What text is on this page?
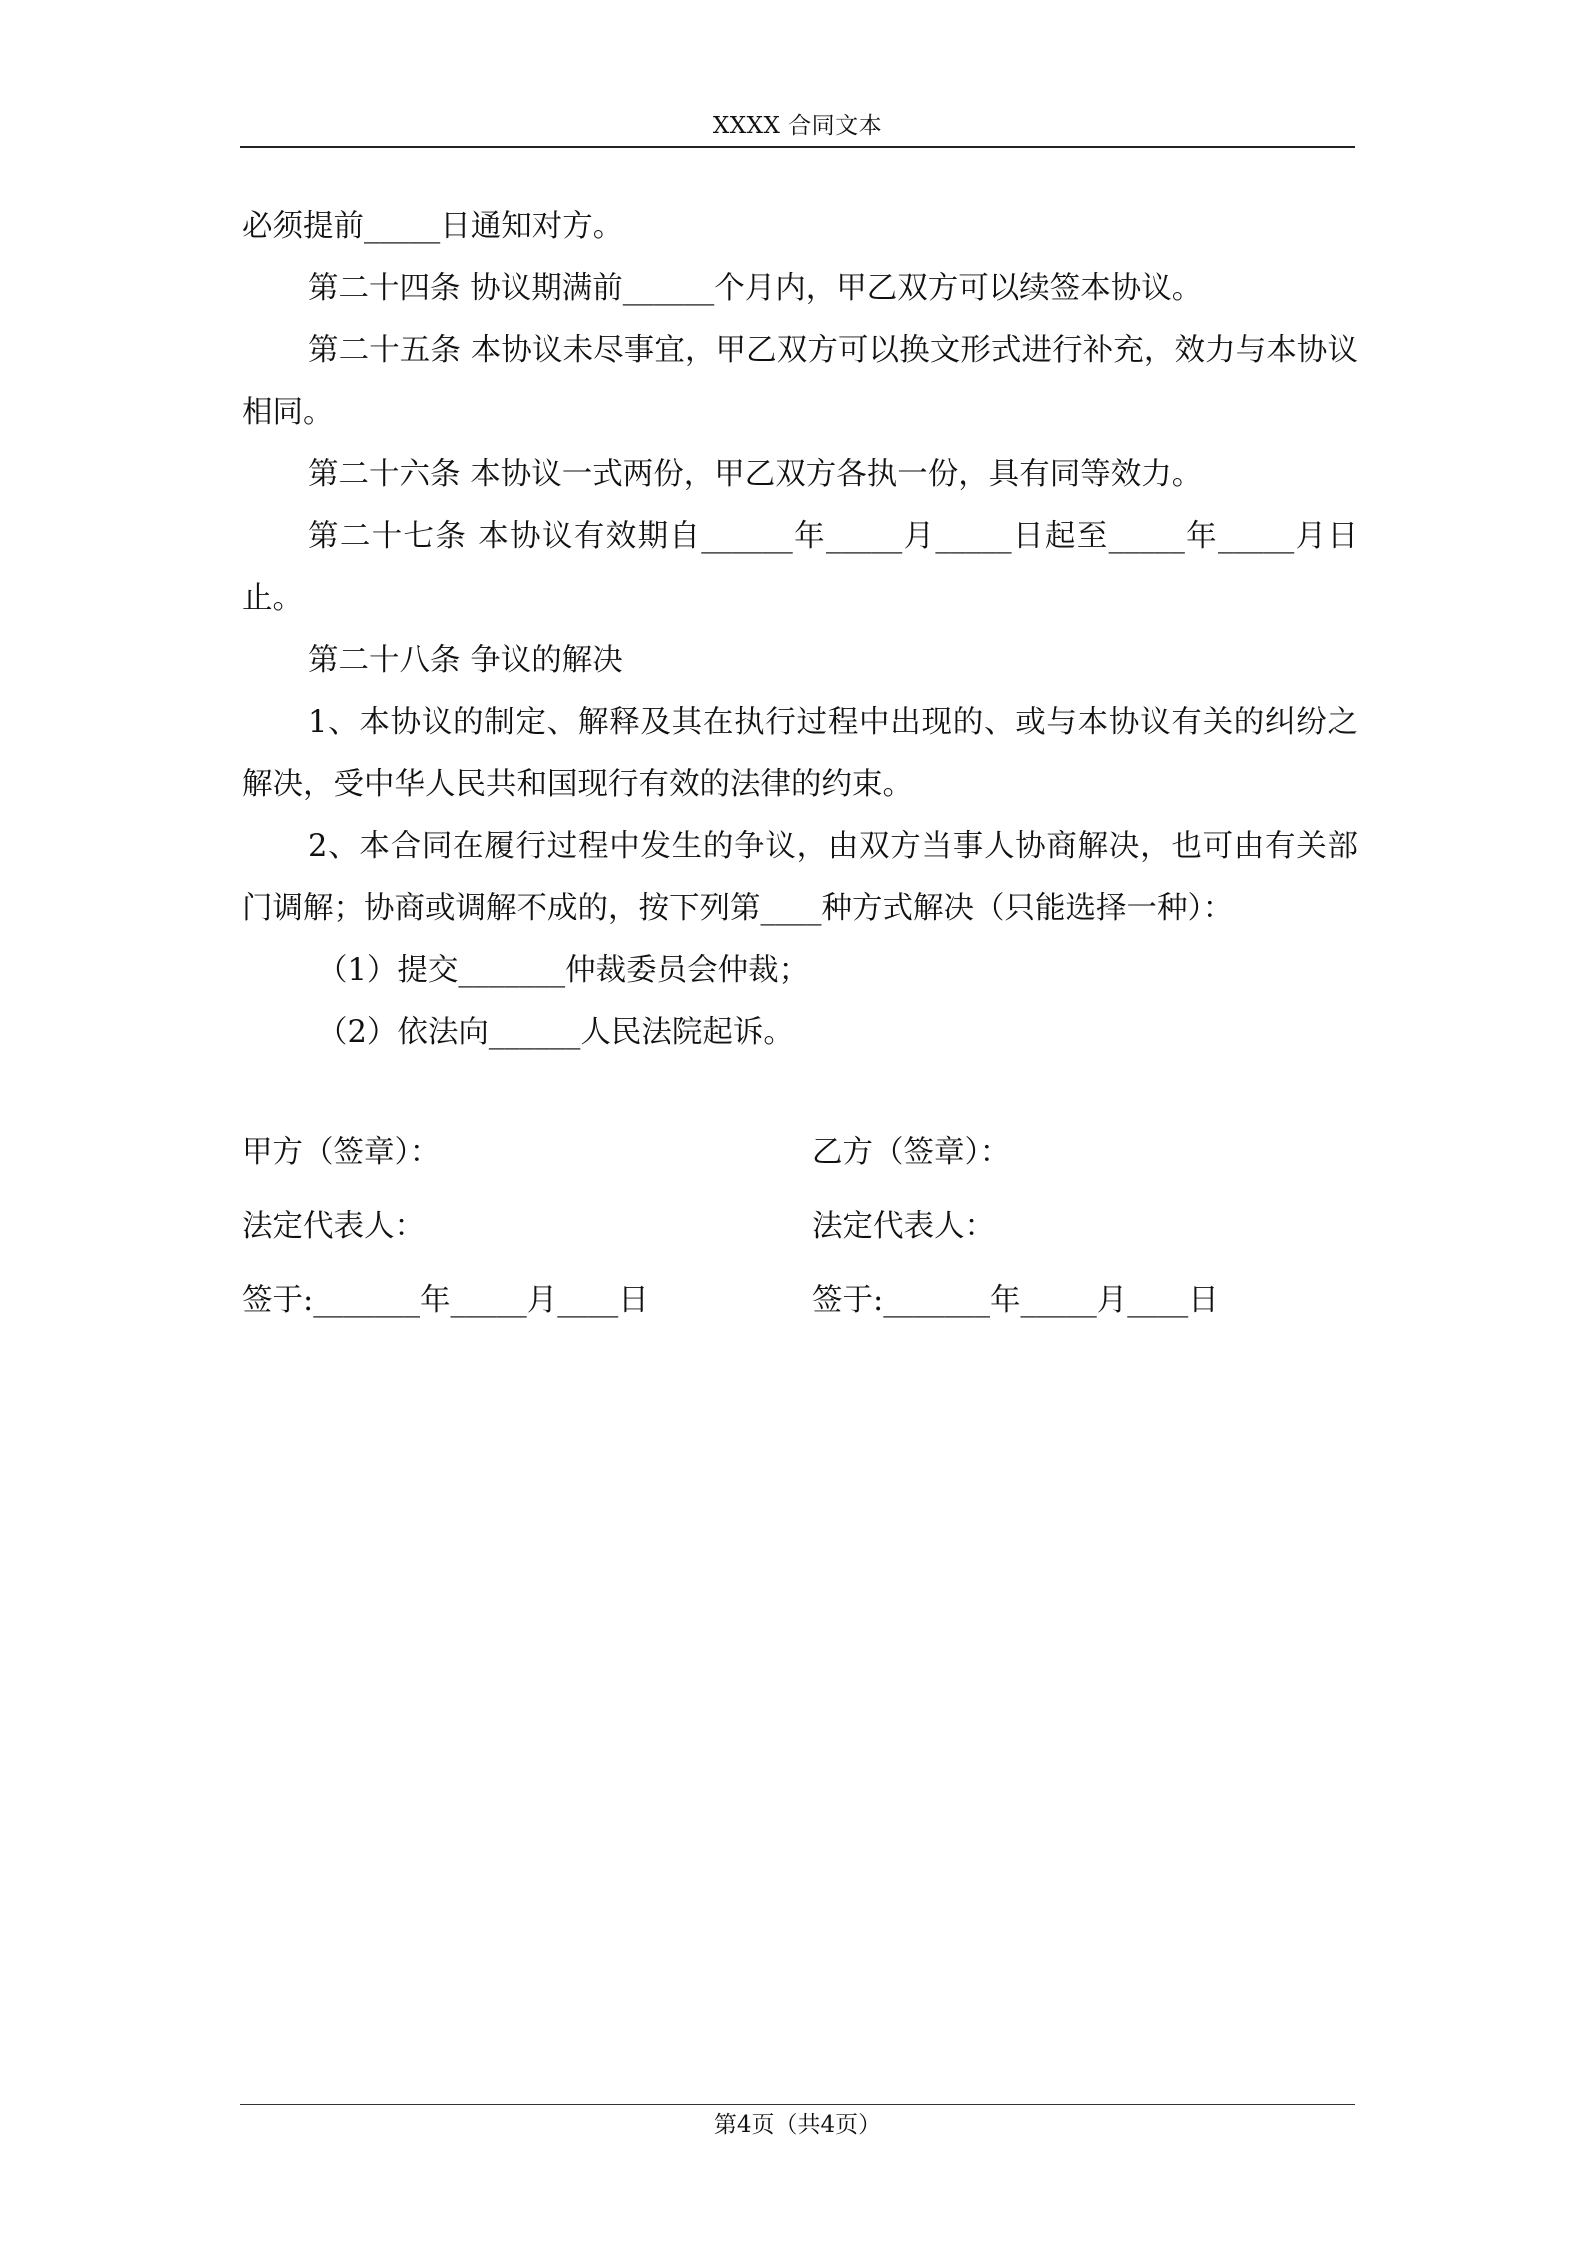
XXXX 合同文本

必须提前_____日通知对方。

第二十四条 协议期满前______个月内，甲乙双方可以续签本协议。

第二十五条 本协议未尽事宜，甲乙双方可以换文形式进行补充，效力与本协议相同。

第二十六条 本协议一式两份，甲乙双方各执一份，具有同等效力。

第二十七条 本协议有效期自______年_____月_____日起至_____年_____月日止。

第二十八条 争议的解决

1、本协议的制定、解释及其在执行过程中出现的、或与本协议有关的纠纷之解决，受中华人民共和国现行有效的法律的约束。

2、本合同在履行过程中发生的争议，由双方当事人协商解决，也可由有关部门调解；协商或调解不成的，按下列第____种方式解决（只能选择一种）：

（1）提交_______仲裁委员会仲裁；

（2）依法向______人民法院起诉。

甲方（签章）：	乙方（签章）：
法定代表人：	法定代表人：
签于:_______年_____月____日	签于:_______年_____月____日
第4页（共4页）
